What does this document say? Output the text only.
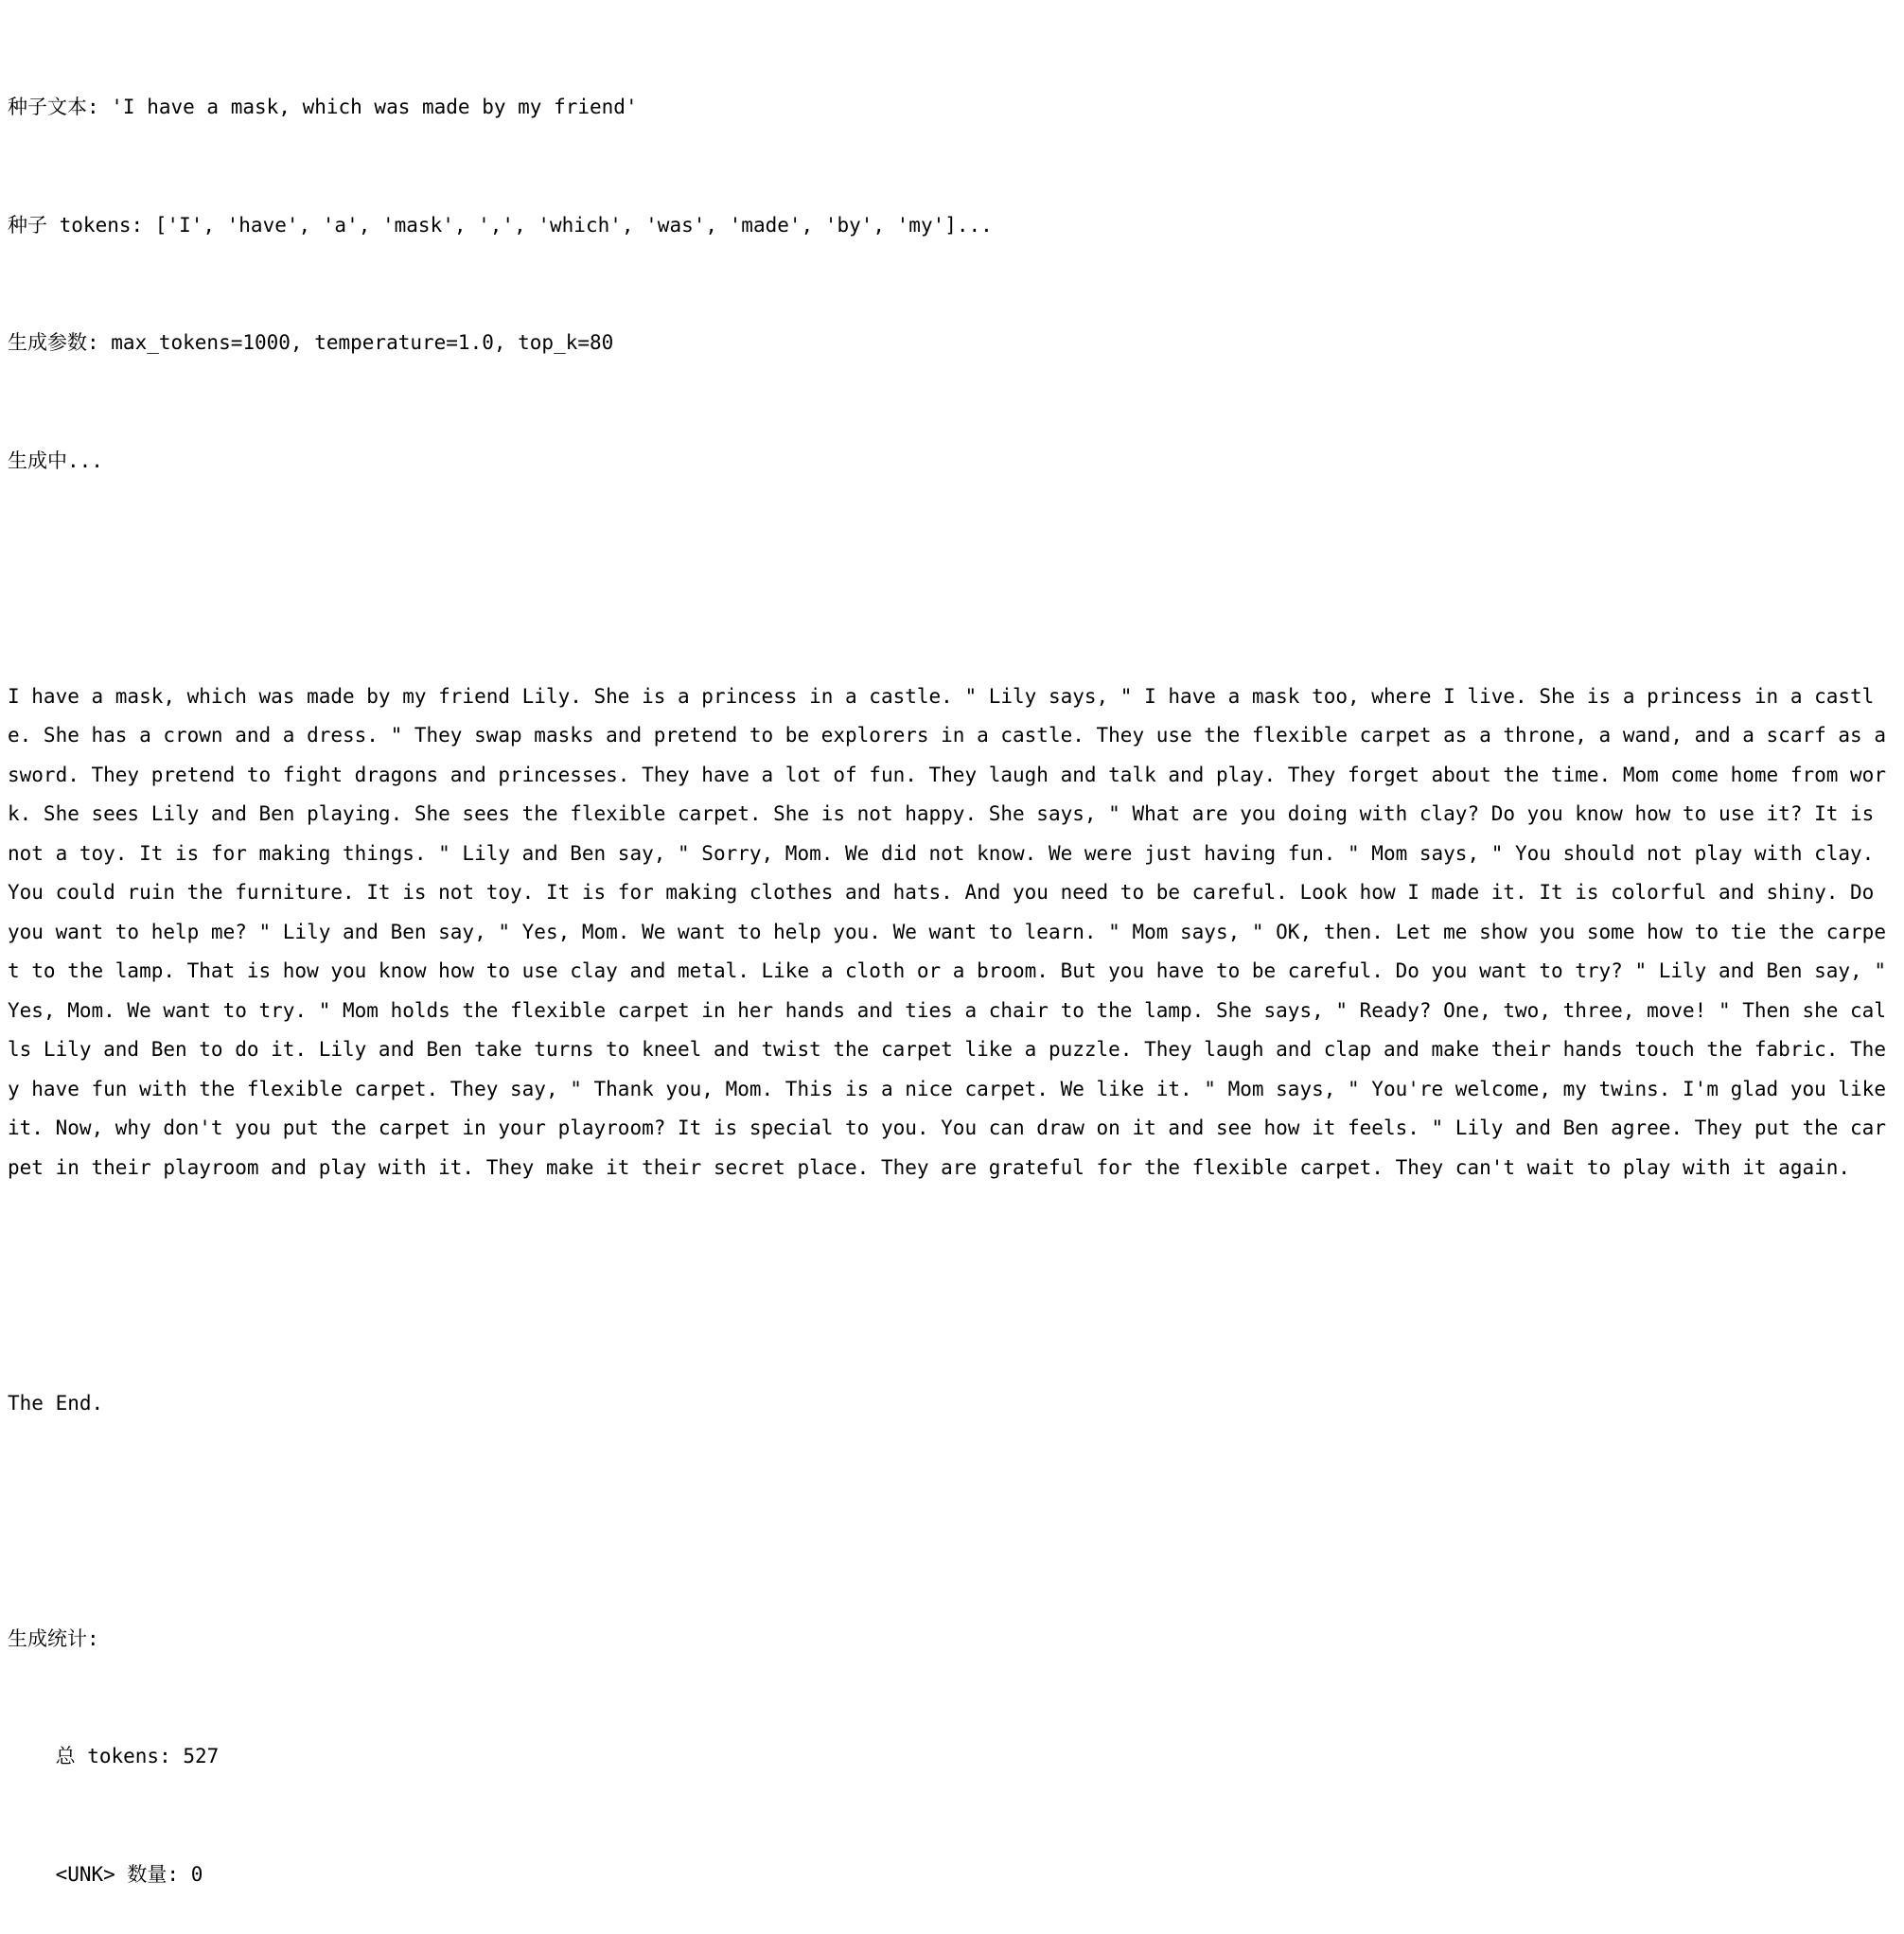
种子文本: 'I have a mask, which was made by my friend'

种子 tokens: ['I', 'have', 'a', 'mask', ',', 'which', 'was', 'made', 'by', 'my']...

生成参数: max_tokens=1000, temperature=1.0, top_k=80

生成中...

I have a mask, which was made by my friend Lily. She is a princess in a castle. " Lily says, " I have a mask too, where I live. She is a princess in a castle. She has a crown and a dress. " They swap masks and pretend to be explorers in a castle. They use the flexible carpet as a throne, a wand, and a scarf as a sword. They pretend to fight dragons and princesses. They have a lot of fun. They laugh and talk and play. They forget about the time. Mom come home from work. She sees Lily and Ben playing. She sees the flexible carpet. She is not happy. She says, " What are you doing with clay? Do you know how to use it? It is not a toy. It is for making things. " Lily and Ben say, " Sorry, Mom. We did not know. We were just having fun. " Mom says, " You should not play with clay. You could ruin the furniture. It is not toy. It is for making clothes and hats. And you need to be careful. Look how I made it. It is colorful and shiny. Do you want to help me? " Lily and Ben say, " Yes, Mom. We want to help you. We want to learn. " Mom says, " OK, then. Let me show you some how to tie the carpet to the lamp. That is how you know how to use clay and metal. Like a cloth or a broom. But you have to be careful. Do you want to try? " Lily and Ben say, " Yes, Mom. We want to try. " Mom holds the flexible carpet in her hands and ties a chair to the lamp. She says, " Ready? One, two, three, move! " Then she calls Lily and Ben to do it. Lily and Ben take turns to kneel and twist the carpet like a puzzle. They laugh and clap and make their hands touch the fabric. They have fun with the flexible carpet. They say, " Thank you, Mom. This is a nice carpet. We like it. " Mom says, " You're welcome, my twins. I'm glad you like it. Now, why don't you put the carpet in your playroom? It is special to you. You can draw on it and see how it feels. " Lily and Ben agree. They put the carpet in their playroom and play with it. They make it their secret place. They are grateful for the flexible carpet. They can't wait to play with it again.

The End.

生成统计:

总 tokens: 527

<UNK> 数量: 0
